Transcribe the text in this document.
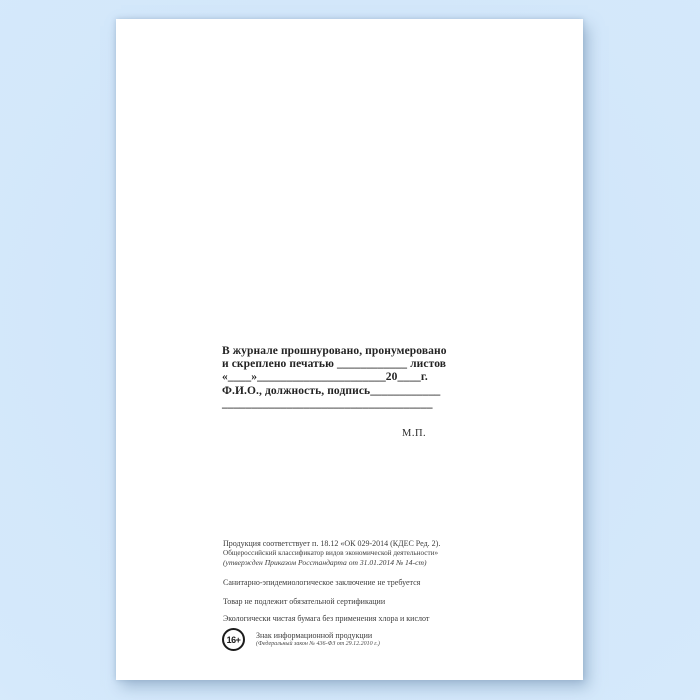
В журнале прошнуровано, пронумеровано
и скреплено печатью ____________ листов
«____»______________________20____г.
Ф.И.О., должность, подпись____________
____________________________________
М.П.
Продукция соответствует п. 18.12 «ОК 029-2014 (КДЕС Ред. 2).
Общероссийский классификатор видов экономической деятельности»
(утвержден Приказом Росстандарта от 31.01.2014 № 14-ст)
Санитарно-эпидемиологическое заключение не требуется
Товар не подлежит обязательной сертификации
Экологически чистая бумага без применения хлора и кислот
16+	Знак информационной продукции
(Федеральный закон № 436-ФЗ от 29.12.2010 г.)
